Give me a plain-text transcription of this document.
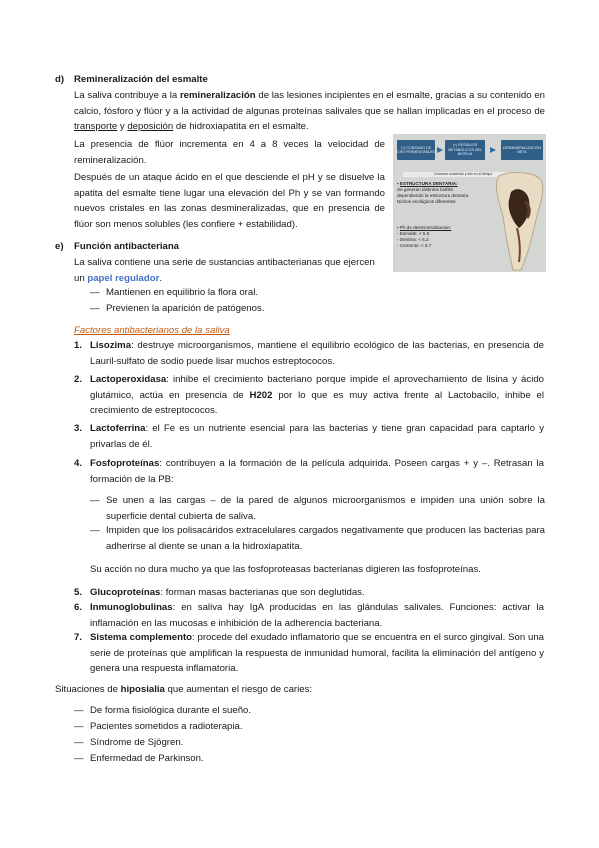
d) Remineralización del esmalte
La saliva contribuye a la remineralización de las lesiones incipientes en el esmalte, gracias a su contenido en calcio, fósforo y flúor y a la actividad de algunas proteínas salivales que se hallan implicadas en el proceso de transporte y deposición de hidroxiapatita en el esmalte.
La presencia de flúor incrementa en 4 a 8 veces la velocidad de remineralización.
Después de un ataque ácido en el que desciende el pH y se disuelve la apatita del esmalte tiene lugar una elevación del Ph y se van formando nuevos cristales en las zonas desmineralizadas, que en presencia de flúor son menos solubles (les confiere + estabilidad).
(+) CONSUMO DE CHO FERMENTABLES
(+) RESIDUOS METABÓLICOS DEL BIOFILM
DESMINERALIZACIÓN
BETA
Consumo sostenido y alto en el tiempo
▪ ESTRUCTURA DENTARIA:
Se generan distintos biofilm
dependiendo la estructura dentaria.
Nichos ecológicos diferentes.
▪ Ph de desmineralizacion:
- Esmalte: < 5.5
- Dentina: < 6.3
- Cemento: < 6.7
e) Función antibacteriana
La saliva contiene una serie de sustancias antibacterianas que ejercen un papel regulador.
— Mantienen en equilibrio la flora oral.
— Previenen la aparición de patógenos.
Factores antibacterianos de la saliva
1. Lisozima: destruye microorganismos, mantiene el equilibrio ecológico de las bacterias, en presencia de Lauril-sulfato de sodio puede lisar muchos estreptococos.
2. Lactoperoxidasa: inhibe el crecimiento bacteriano porque impide el aprovechamiento de lisina y ácido glutámico, actúa en presencia de H202 por lo que es muy activa frente al Lactobacilo, inhibe el crecimiento de estreptococos.
3. Lactoferrina: el Fe es un nutriente esencial para las bacterias y tiene gran capacidad para captarlo y privarlas de él.
4. Fosfoproteínas: contribuyen a la formación de la película adquirida. Poseen cargas + y –. Retrasan la formación de la PB:
— Se unen a las cargas – de la pared de algunos microorganismos e impiden una unión sobre la superficie dental cubierta de saliva.
— Impiden que los polisacáridos extracelulares cargados negativamente que producen las bacterias para adherirse al diente se unan a la hidroxiapatita.
Su acción no dura mucho ya que las fosfoproteasas bacterianas digieren las fosfoproteínas.
5. Glucoproteínas: forman masas bacterianas que son deglutidas.
6. Inmunoglobulinas: en saliva hay IgA producidas en las glándulas salivales. Funciones: activar la inflamación en las mucosas e inhibición de la adherencia bacteriana.
7. Sistema complemento: procede del exudado inflamatorio que se encuentra en el surco gingival. Son una serie de proteínas que amplifican la respuesta de inmunidad humoral, facilita la eliminación del antígeno y genera una respuesta inflamatoria.
Situaciones de hiposialia que aumentan el riesgo de caries:
— De forma fisiológica durante el sueño.
— Pacientes sometidos a radioterapia.
— Síndrome de Sjögren.
— Enfermedad de Parkinson.
